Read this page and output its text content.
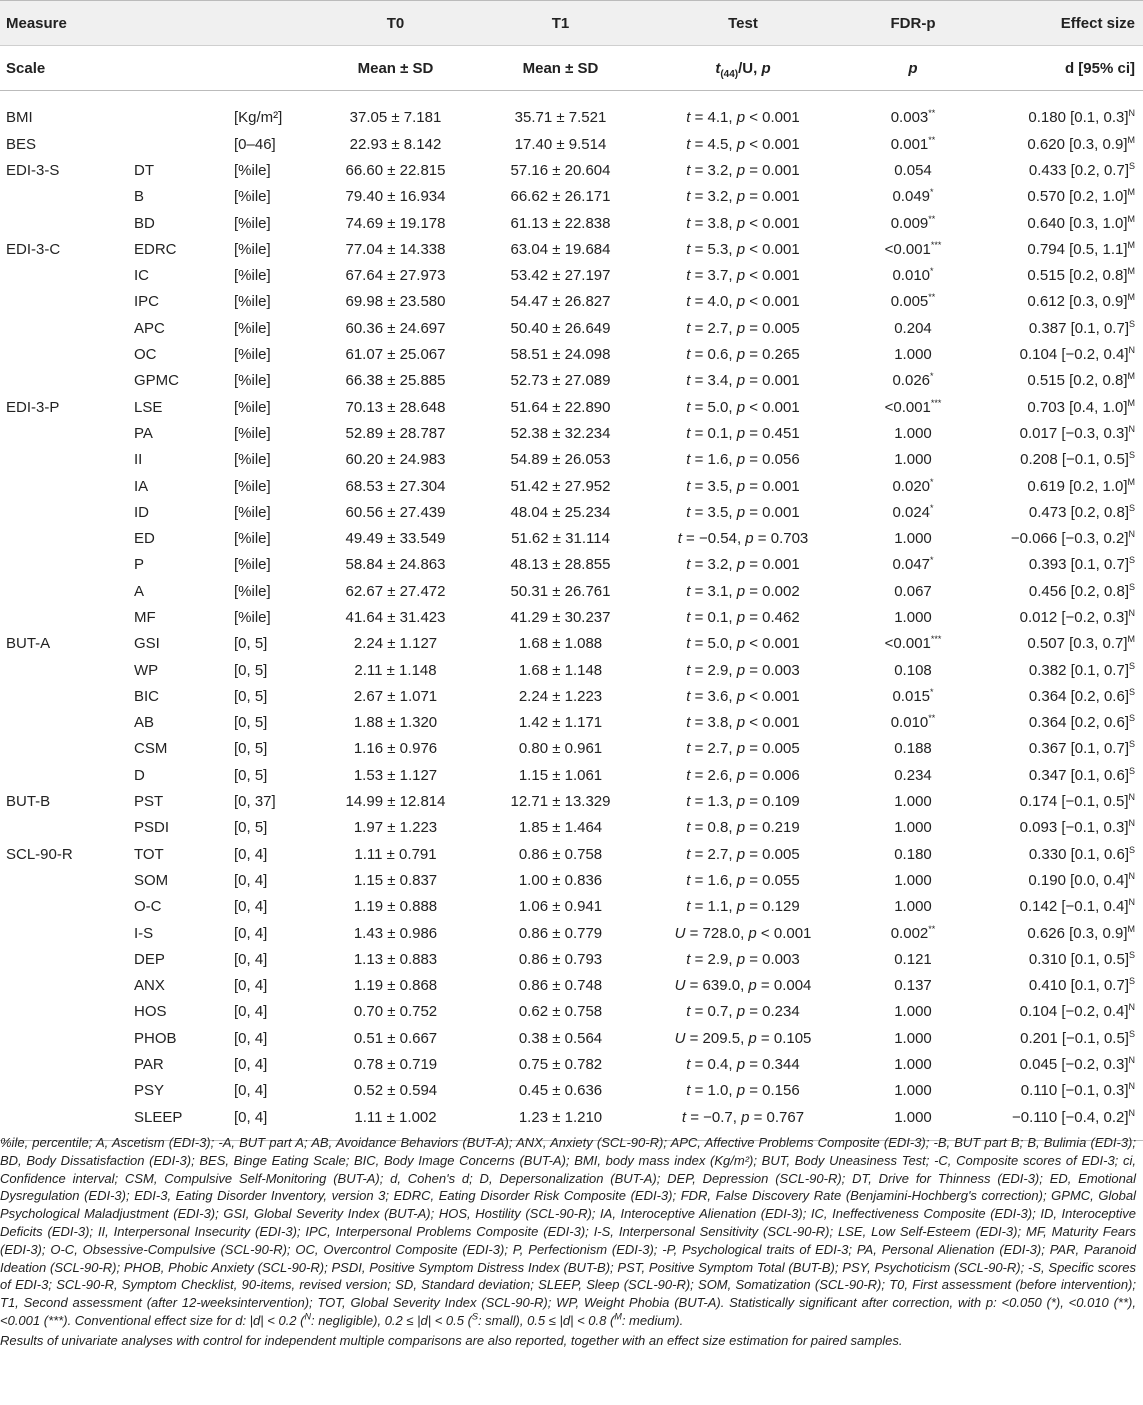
Measure			T0	T1	Test	FDR-p	Effect size
Scale			Mean ± SD	Mean ± SD	$t_{(44)}/U$, p	p	d [95% ci]
BMI		[Kg/m²]	37.05 ± 7.181	35.71 ± 7.521	t = 4.1, p < 0.001	0.003**	0.180 [0.1, 0.3]$^N$
BES		[0–46]	22.93 ± 8.142	17.40 ± 9.514	t = 4.5, p < 0.001	0.001**	0.620 [0.3, 0.9]$^M$
EDI-3-S	DT	[%ile]	66.60 ± 22.815	57.16 ± 20.604	t = 3.2, p = 0.001	0.054	0.433 [0.2, 0.7]$^S$
	B	[%ile]	79.40 ± 16.934	66.62 ± 26.171	t = 3.2, p = 0.001	0.049*	0.570 [0.2, 1.0]$^M$
	BD	[%ile]	74.69 ± 19.178	61.13 ± 22.838	t = 3.8, p < 0.001	0.009**	0.640 [0.3, 1.0]$^M$
EDI-3-C	EDRC	[%ile]	77.04 ± 14.338	63.04 ± 19.684	t = 5.3, p < 0.001	<0.001***	0.794 [0.5, 1.1]$^M$
	IC	[%ile]	67.64 ± 27.973	53.42 ± 27.197	t = 3.7, p < 0.001	0.010*	0.515 [0.2, 0.8]$^M$
	IPC	[%ile]	69.98 ± 23.580	54.47 ± 26.827	t = 4.0, p < 0.001	0.005**	0.612 [0.3, 0.9]$^M$
	APC	[%ile]	60.36 ± 24.697	50.40 ± 26.649	t = 2.7, p = 0.005	0.204	0.387 [0.1, 0.7]$^S$
	OC	[%ile]	61.07 ± 25.067	58.51 ± 24.098	t = 0.6, p = 0.265	1.000	0.104 [−0.2, 0.4]$^N$
	GPMC	[%ile]	66.38 ± 25.885	52.73 ± 27.089	t = 3.4, p = 0.001	0.026*	0.515 [0.2, 0.8]$^M$
EDI-3-P	LSE	[%ile]	70.13 ± 28.648	51.64 ± 22.890	t = 5.0, p < 0.001	<0.001***	0.703 [0.4, 1.0]$^M$
	PA	[%ile]	52.89 ± 28.787	52.38 ± 32.234	t = 0.1, p = 0.451	1.000	0.017 [−0.3, 0.3]$^N$
	II	[%ile]	60.20 ± 24.983	54.89 ± 26.053	t = 1.6, p = 0.056	1.000	0.208 [−0.1, 0.5]$^S$
	IA	[%ile]	68.53 ± 27.304	51.42 ± 27.952	t = 3.5, p = 0.001	0.020*	0.619 [0.2, 1.0]$^M$
	ID	[%ile]	60.56 ± 27.439	48.04 ± 25.234	t = 3.5, p = 0.001	0.024*	0.473 [0.2, 0.8]$^S$
	ED	[%ile]	49.49 ± 33.549	51.62 ± 31.114	t = −0.54, p = 0.703	1.000	−0.066 [−0.3, 0.2]$^N$
	P	[%ile]	58.84 ± 24.863	48.13 ± 28.855	t = 3.2, p = 0.001	0.047*	0.393 [0.1, 0.7]$^S$
	A	[%ile]	62.67 ± 27.472	50.31 ± 26.761	t = 3.1, p = 0.002	0.067	0.456 [0.2, 0.8]$^S$
	MF	[%ile]	41.64 ± 31.423	41.29 ± 30.237	t = 0.1, p = 0.462	1.000	0.012 [−0.2, 0.3]$^N$
BUT-A	GSI	[0, 5]	2.24 ± 1.127	1.68 ± 1.088	t = 5.0, p < 0.001	<0.001***	0.507 [0.3, 0.7]$^M$
	WP	[0, 5]	2.11 ± 1.148	1.68 ± 1.148	t = 2.9, p = 0.003	0.108	0.382 [0.1, 0.7]$^S$
	BIC	[0, 5]	2.67 ± 1.071	2.24 ± 1.223	t = 3.6, p < 0.001	0.015*	0.364 [0.2, 0.6]$^S$
	AB	[0, 5]	1.88 ± 1.320	1.42 ± 1.171	t = 3.8, p < 0.001	0.010**	0.364 [0.2, 0.6]$^S$
	CSM	[0, 5]	1.16 ± 0.976	0.80 ± 0.961	t = 2.7, p = 0.005	0.188	0.367 [0.1, 0.7]$^S$
	D	[0, 5]	1.53 ± 1.127	1.15 ± 1.061	t = 2.6, p = 0.006	0.234	0.347 [0.1, 0.6]$^S$
BUT-B	PST	[0, 37]	14.99 ± 12.814	12.71 ± 13.329	t = 1.3, p = 0.109	1.000	0.174 [−0.1, 0.5]$^N$
	PSDI	[0, 5]	1.97 ± 1.223	1.85 ± 1.464	t = 0.8, p = 0.219	1.000	0.093 [−0.1, 0.3]$^N$
SCL-90-R	TOT	[0, 4]	1.11 ± 0.791	0.86 ± 0.758	t = 2.7, p = 0.005	0.180	0.330 [0.1, 0.6]$^S$
	SOM	[0, 4]	1.15 ± 0.837	1.00 ± 0.836	t = 1.6, p = 0.055	1.000	0.190 [0.0, 0.4]$^N$
	O-C	[0, 4]	1.19 ± 0.888	1.06 ± 0.941	t = 1.1, p = 0.129	1.000	0.142 [−0.1, 0.4]$^N$
	I-S	[0, 4]	1.43 ± 0.986	0.86 ± 0.779	U = 728.0, p < 0.001	0.002**	0.626 [0.3, 0.9]$^M$
	DEP	[0, 4]	1.13 ± 0.883	0.86 ± 0.793	t = 2.9, p = 0.003	0.121	0.310 [0.1, 0.5]$^S$
	ANX	[0, 4]	1.19 ± 0.868	0.86 ± 0.748	U = 639.0, p = 0.004	0.137	0.410 [0.1, 0.7]$^S$
	HOS	[0, 4]	0.70 ± 0.752	0.62 ± 0.758	t = 0.7, p = 0.234	1.000	0.104 [−0.2, 0.4]$^N$
	PHOB	[0, 4]	0.51 ± 0.667	0.38 ± 0.564	U = 209.5, p = 0.105	1.000	0.201 [−0.1, 0.5]$^S$
	PAR	[0, 4]	0.78 ± 0.719	0.75 ± 0.782	t = 0.4, p = 0.344	1.000	0.045 [−0.2, 0.3]$^N$
	PSY	[0, 4]	0.52 ± 0.594	0.45 ± 0.636	t = 1.0, p = 0.156	1.000	0.110 [−0.1, 0.3]$^N$
	SLEEP	[0, 4]	1.11 ± 1.002	1.23 ± 1.210	t = −0.7, p = 0.767	1.000	−0.110 [−0.4, 0.2]$^N$

%ile, percentile; A, Ascetism (EDI-3); -A, BUT part A; AB, Avoidance Behaviors (BUT-A); ANX, Anxiety (SCL-90-R); APC, Affective Problems Composite (EDI-3); -B, BUT part B; B, Bulimia (EDI-3); BD, Body Dissatisfaction (EDI-3); BES, Binge Eating Scale; BIC, Body Image Concerns (BUT-A); BMI, body mass index (Kg/m²); BUT, Body Uneasiness Test; -C, Composite scores of EDI-3; ci, Confidence interval; CSM, Compulsive Self-Monitoring (BUT-A); d, Cohen's d; D, Depersonalization (BUT-A); DEP, Depression (SCL-90-R); DT, Drive for Thinness (EDI-3); ED, Emotional Dysregulation (EDI-3); EDI-3, Eating Disorder Inventory, version 3; EDRC, Eating Disorder Risk Composite (EDI-3); FDR, False Discovery Rate (Benjamini-Hochberg's correction); GPMC, Global Psychological Maladjustment (EDI-3); GSI, Global Severity Index (BUT-A); HOS, Hostility (SCL-90-R); IA, Interoceptive Alienation (EDI-3); IC, Ineffectiveness Composite (EDI-3); ID, Interoceptive Deficits (EDI-3); II, Interpersonal Insecurity (EDI-3); IPC, Interpersonal Problems Composite (EDI-3); I-S, Interpersonal Sensitivity (SCL-90-R); LSE, Low Self-Esteem (EDI-3); MF, Maturity Fears (EDI-3); O-C, Obsessive-Compulsive (SCL-90-R); OC, Overcontrol Composite (EDI-3); P, Perfectionism (EDI-3); -P, Psychological traits of EDI-3; PA, Personal Alienation (EDI-3); PAR, Paranoid Ideation (SCL-90-R); PHOB, Phobic Anxiety (SCL-90-R); PSDI, Positive Symptom Distress Index (BUT-B); PST, Positive Symptom Total (BUT-B); PSY, Psychoticism (SCL-90-R); -S, Specific scores of EDI-3; SCL-90-R, Symptom Checklist, 90-items, revised version; SD, Standard deviation; SLEEP, Sleep (SCL-90-R); SOM, Somatization (SCL-90-R); T0, First assessment (before intervention); T1, Second assessment (after 12-weeksintervention); TOT, Global Severity Index (SCL-90-R); WP, Weight Phobia (BUT-A). Statistically significant after correction, with p: <0.050 (*), <0.010 (**), <0.001 (***). Conventional effect size for d: |d| < 0.2 ($^N$: negligible), 0.2 ≤ |d| < 0.5 ($^S$: small), 0.5 ≤ |d| < 0.8 ($^M$: medium).

Results of univariate analyses with control for independent multiple comparisons are also reported, together with an effect size estimation for paired samples.
